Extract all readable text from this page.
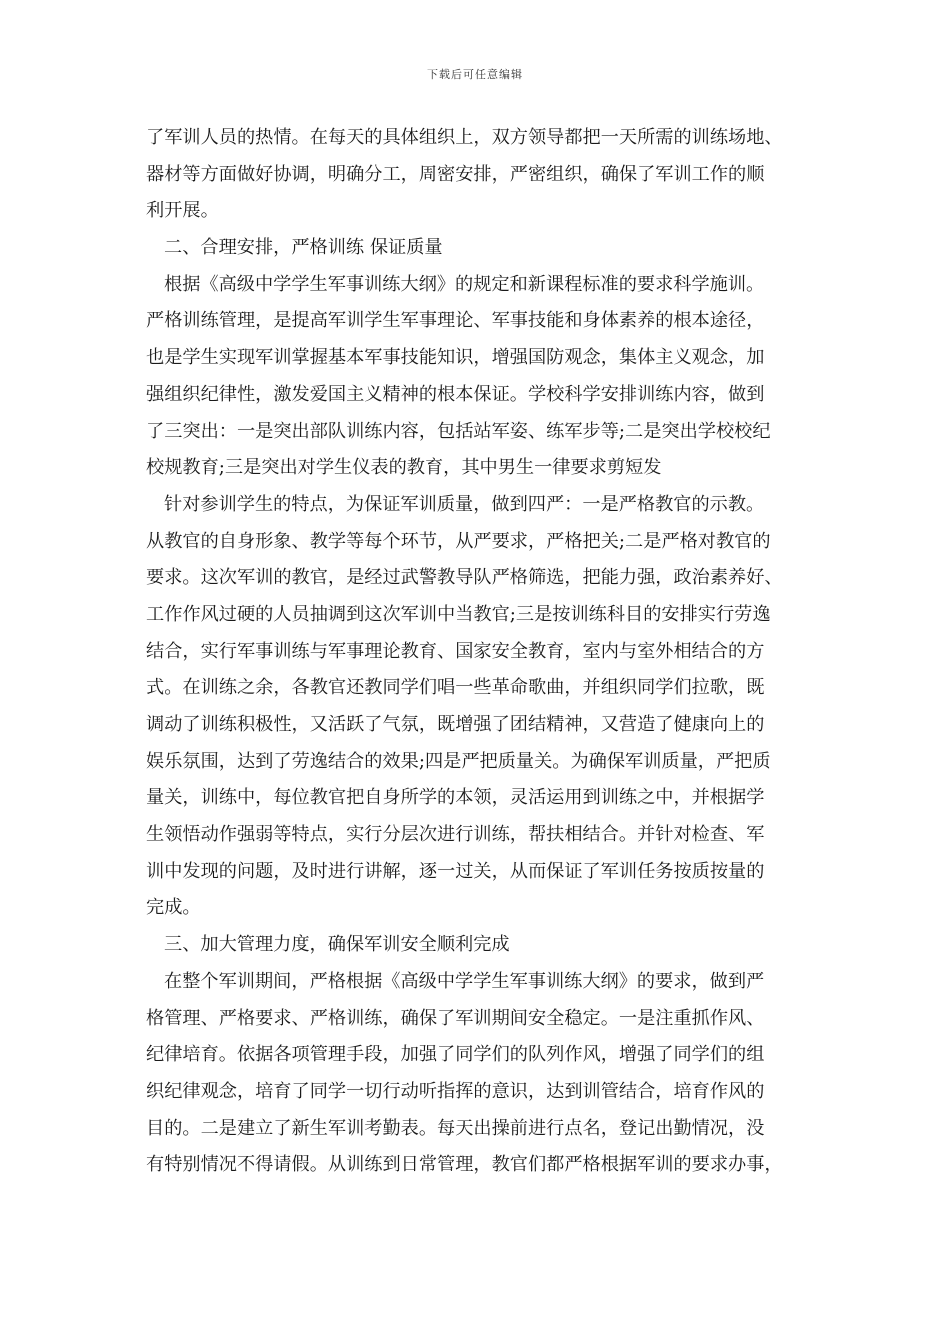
下载后可任意编辑
了军训人员的热情。在每天的具体组织上，双方领导都把一天所需的训练场地、
器材等方面做好协调，明确分工，周密安排，严密组织，确保了军训工作的顺
利开展。
二、合理安排，严格训练 保证质量
根据《高级中学学生军事训练大纲》的规定和新课程标准的要求科学施训。
严格训练管理，是提高军训学生军事理论、军事技能和身体素养的根本途径，
也是学生实现军训掌握基本军事技能知识，增强国防观念，集体主义观念，加
强组织纪律性，激发爱国主义精神的根本保证。学校科学安排训练内容，做到
了三突出：一是突出部队训练内容，包括站军姿、练军步等;二是突出学校校纪
校规教育;三是突出对学生仪表的教育，其中男生一律要求剪短发
针对参训学生的特点，为保证军训质量，做到四严：一是严格教官的示教。
从教官的自身形象、教学等每个环节，从严要求，严格把关;二是严格对教官的
要求。这次军训的教官，是经过武警教导队严格筛选，把能力强，政治素养好、
工作作风过硬的人员抽调到这次军训中当教官;三是按训练科目的安排实行劳逸
结合，实行军事训练与军事理论教育、国家安全教育，室内与室外相结合的方
式。在训练之余，各教官还教同学们唱一些革命歌曲，并组织同学们拉歌，既
调动了训练积极性，又活跃了气氛，既增强了团结精神，又营造了健康向上的
娱乐氛围，达到了劳逸结合的效果;四是严把质量关。为确保军训质量，严把质
量关，训练中，每位教官把自身所学的本领，灵活运用到训练之中，并根据学
生领悟动作强弱等特点，实行分层次进行训练，帮扶相结合。并针对检查、军
训中发现的问题，及时进行讲解，逐一过关，从而保证了军训任务按质按量的
完成。
三、加大管理力度，确保军训安全顺利完成
在整个军训期间，严格根据《高级中学学生军事训练大纲》的要求，做到严
格管理、严格要求、严格训练，确保了军训期间安全稳定。一是注重抓作风、
纪律培育。依据各项管理手段，加强了同学们的队列作风，增强了同学们的组
织纪律观念，培育了同学一切行动听指挥的意识，达到训管结合，培育作风的
目的。二是建立了新生军训考勤表。每天出操前进行点名，登记出勤情况，没
有特别情况不得请假。从训练到日常管理，教官们都严格根据军训的要求办事，
